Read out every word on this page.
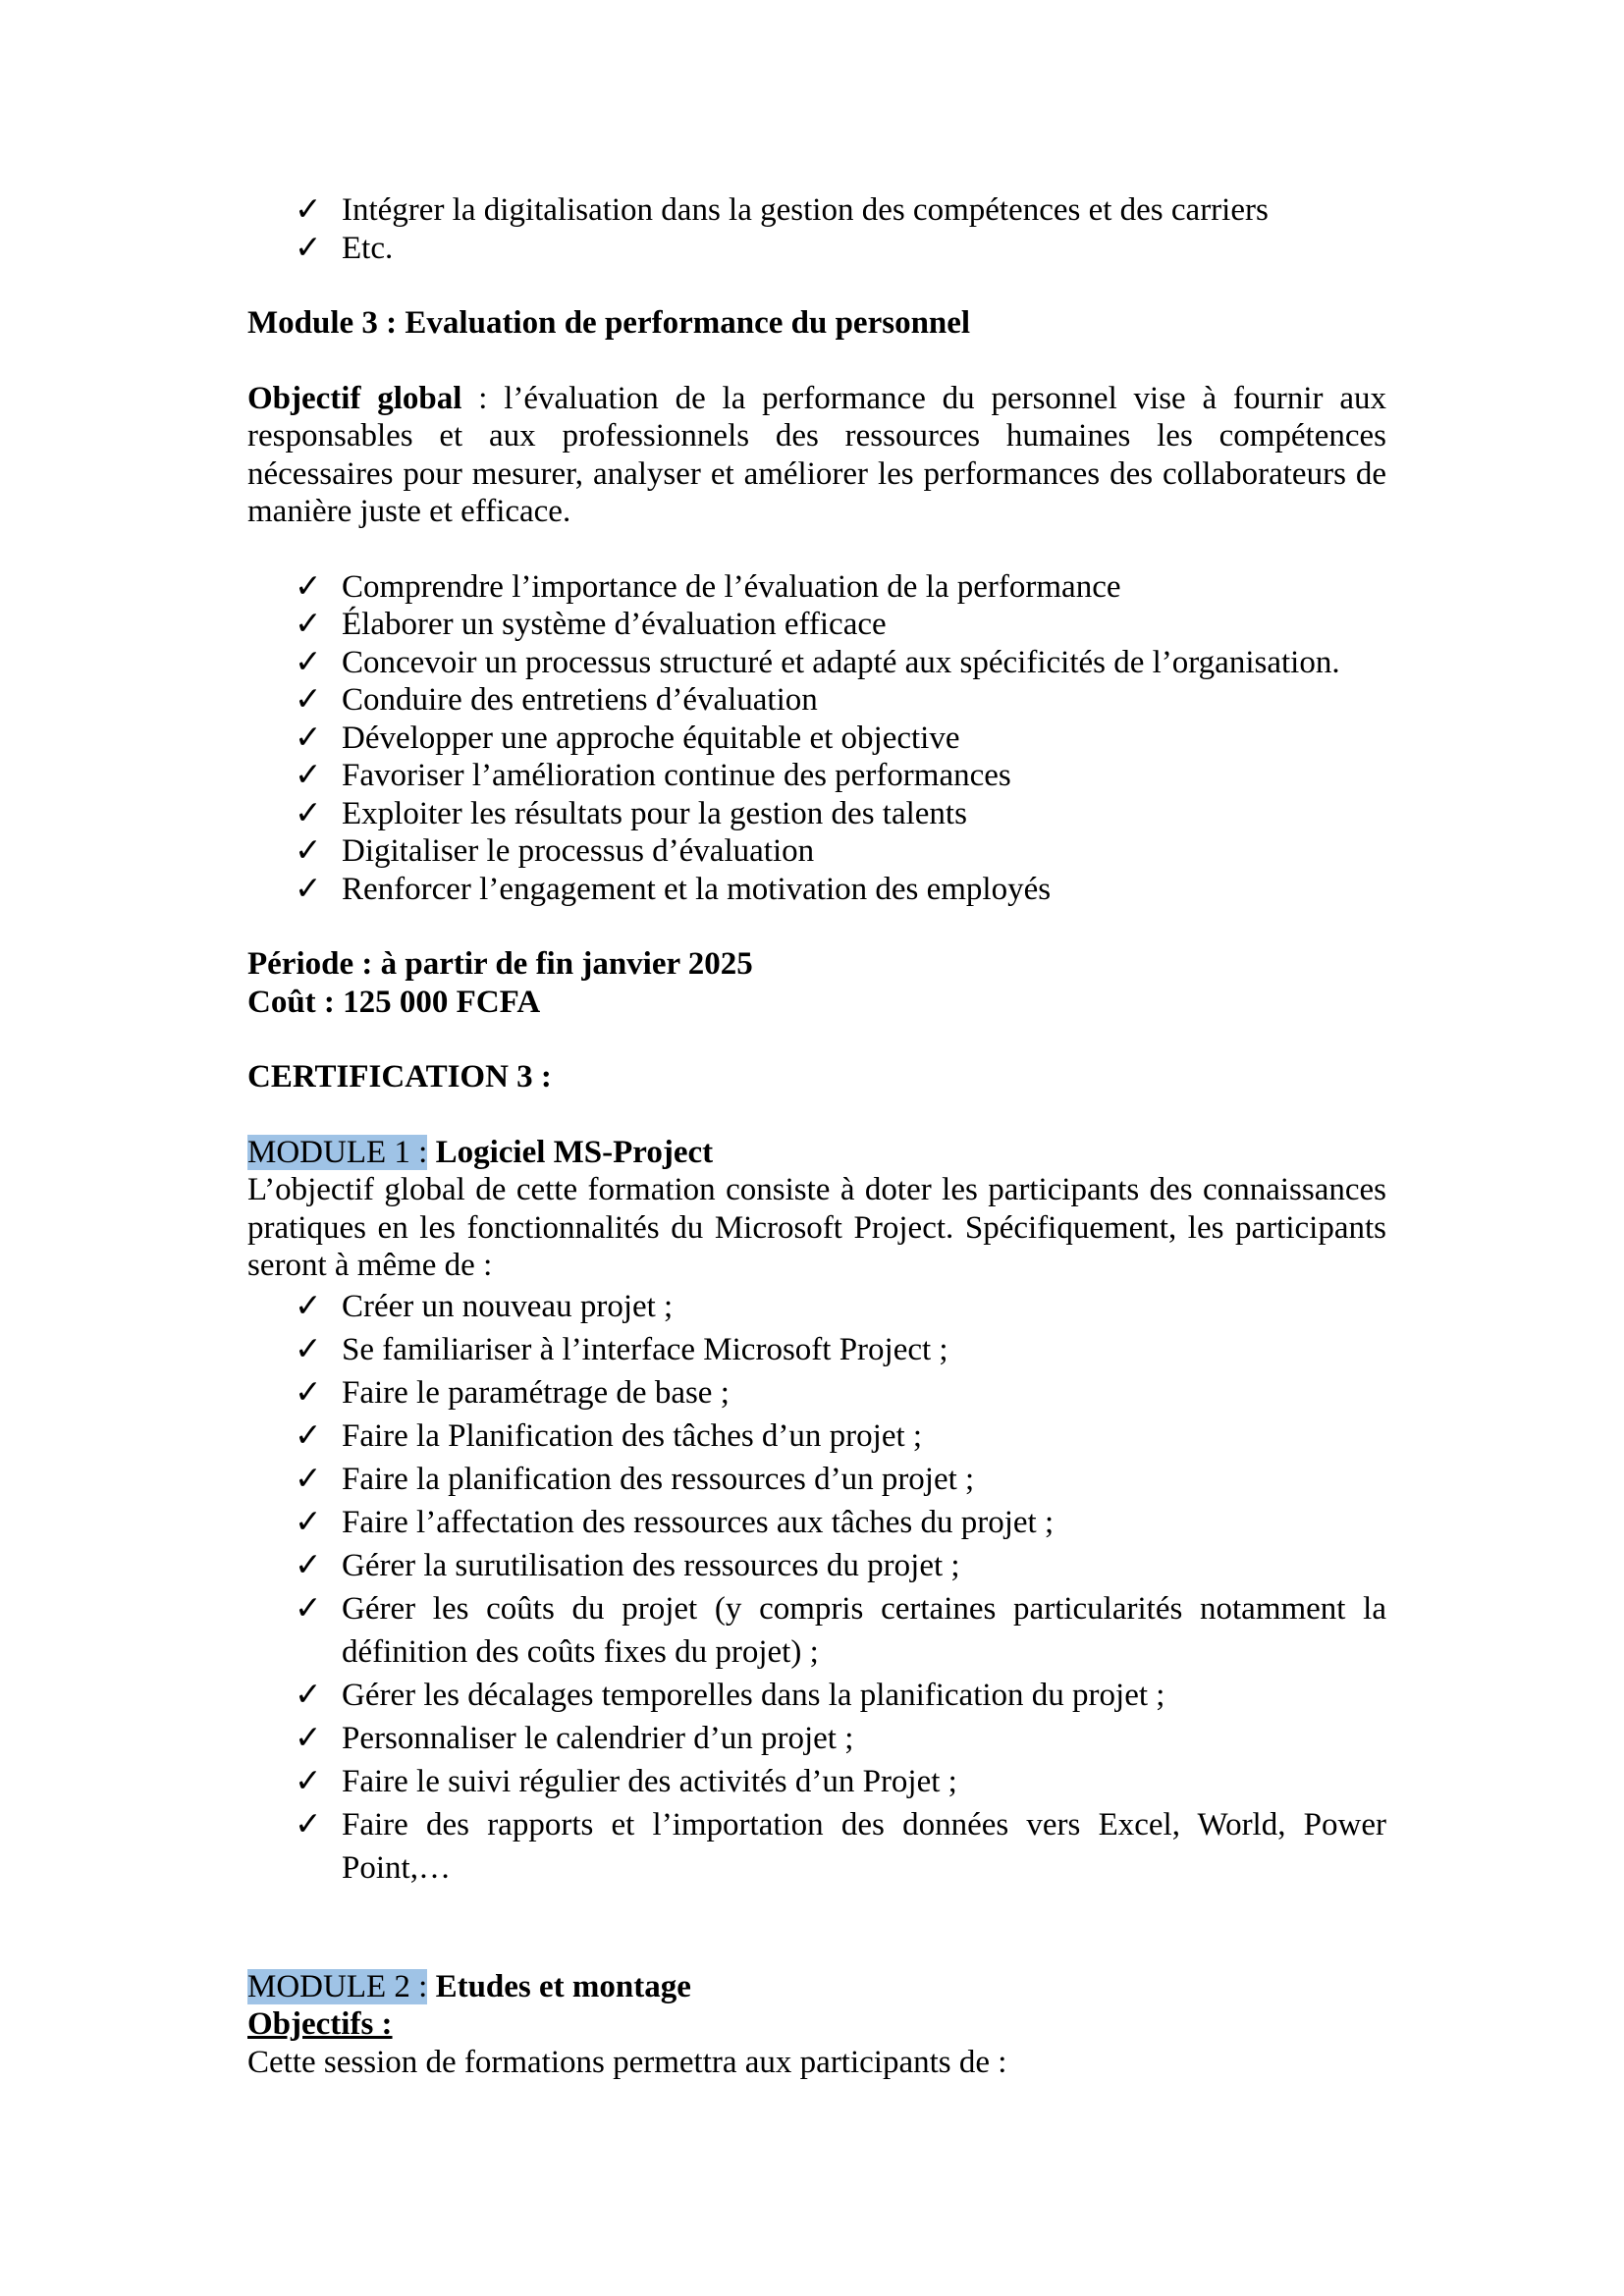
✓ Intégrer la digitalisation dans la gestion des compétences et des carriers
✓ Etc.

Module 3 : Evaluation de performance du personnel

Objectif global : l’évaluation de la performance du personnel vise à fournir aux responsables et aux professionnels des ressources humaines les compétences nécessaires pour mesurer, analyser et améliorer les performances des collaborateurs de manière juste et efficace.

✓ Comprendre l’importance de l’évaluation de la performance
✓ Élaborer un système d’évaluation efficace
✓ Concevoir un processus structuré et adapté aux spécificités de l’organisation.
✓ Conduire des entretiens d’évaluation
✓ Développer une approche équitable et objective
✓ Favoriser l’amélioration continue des performances
✓ Exploiter les résultats pour la gestion des talents
✓ Digitaliser le processus d’évaluation
✓ Renforcer l’engagement et la motivation des employés

Période : à partir de fin janvier 2025

Coût : 125 000 FCFA

CERTIFICATION 3 :

MODULE 1 : Logiciel MS-Project

L’objectif global de cette formation consiste à doter les participants des connaissances pratiques en les fonctionnalités du Microsoft Project. Spécifiquement, les participants seront à même de :

✓ Créer un nouveau projet ;
✓ Se familiariser à l’interface Microsoft Project ;
✓ Faire le paramétrage de base ;
✓ Faire la Planification des tâches d’un projet ;
✓ Faire la planification des ressources d’un projet ;
✓ Faire l’affectation des ressources aux tâches du projet ;
✓ Gérer la surutilisation des ressources du projet ;
✓ Gérer les coûts du projet (y compris certaines particularités notamment la définition des coûts fixes du projet) ;
✓ Gérer les décalages temporelles dans la planification du projet ;
✓ Personnaliser le calendrier d’un projet ;
✓ Faire le suivi régulier des activités d’un Projet ;
✓ Faire des rapports et l’importation des données vers Excel, World, Power Point,…

MODULE 2 : Etudes et montage

Objectifs :

Cette session de formations permettra aux participants de :
